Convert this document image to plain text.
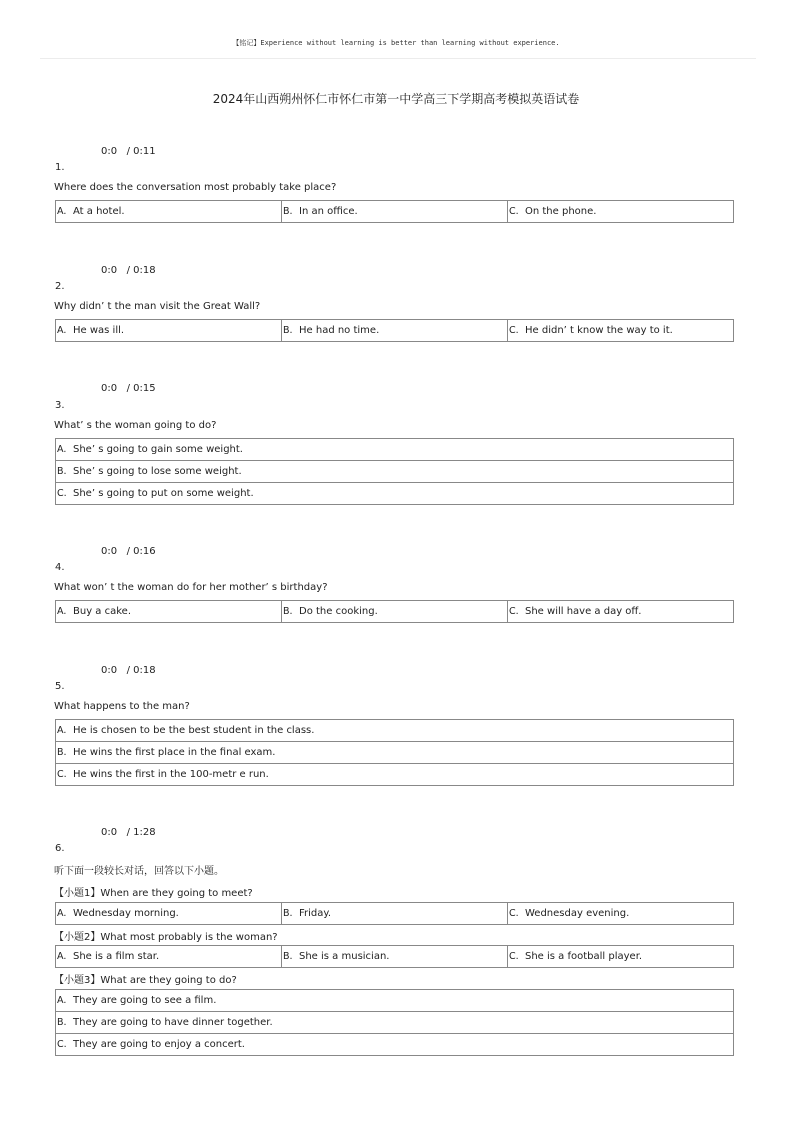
【铭记】Experience without learning is better than learning without experience.
2024年山西朔州怀仁市怀仁市第一中学高三下学期高考模拟英语试卷
0:0   / 0:11
1.
Where does the conversation most probably take place?
A. At a hotel.	B. In an office.	C. On the phone.
0:0   / 0:18
2.
Why didn’ t the man visit the Great Wall?
A. He was ill.	B. He had no time.	C. He didn’ t know the way to it.
0:0   / 0:15
3.
What’ s the woman going to do?
A. She’ s going to gain some weight.
B. She’ s going to lose some weight.
C. She’ s going to put on some weight.
0:0   / 0:16
4.
What won’ t the woman do for her mother’ s birthday?
A. Buy a cake.	B. Do the cooking.	C. She will have a day off.
0:0   / 0:18
5.
What happens to the man?
A. He is chosen to be the best student in the class.
B. He wins the first place in the final exam.
C. He wins the first in the 100-metr e run.
0:0   / 1:28
6.
听下面一段较长对话，回答以下小题。
【小题1】When are they going to meet?
A. Wednesday morning.	B. Friday.	C. Wednesday evening.
【小题2】What most probably is the woman?
A. She is a film star.	B. She is a musician.	C. She is a football player.
【小题3】What are they going to do?
A. They are going to see a film.
B. They are going to have dinner together.
C. They are going to enjoy a concert.
